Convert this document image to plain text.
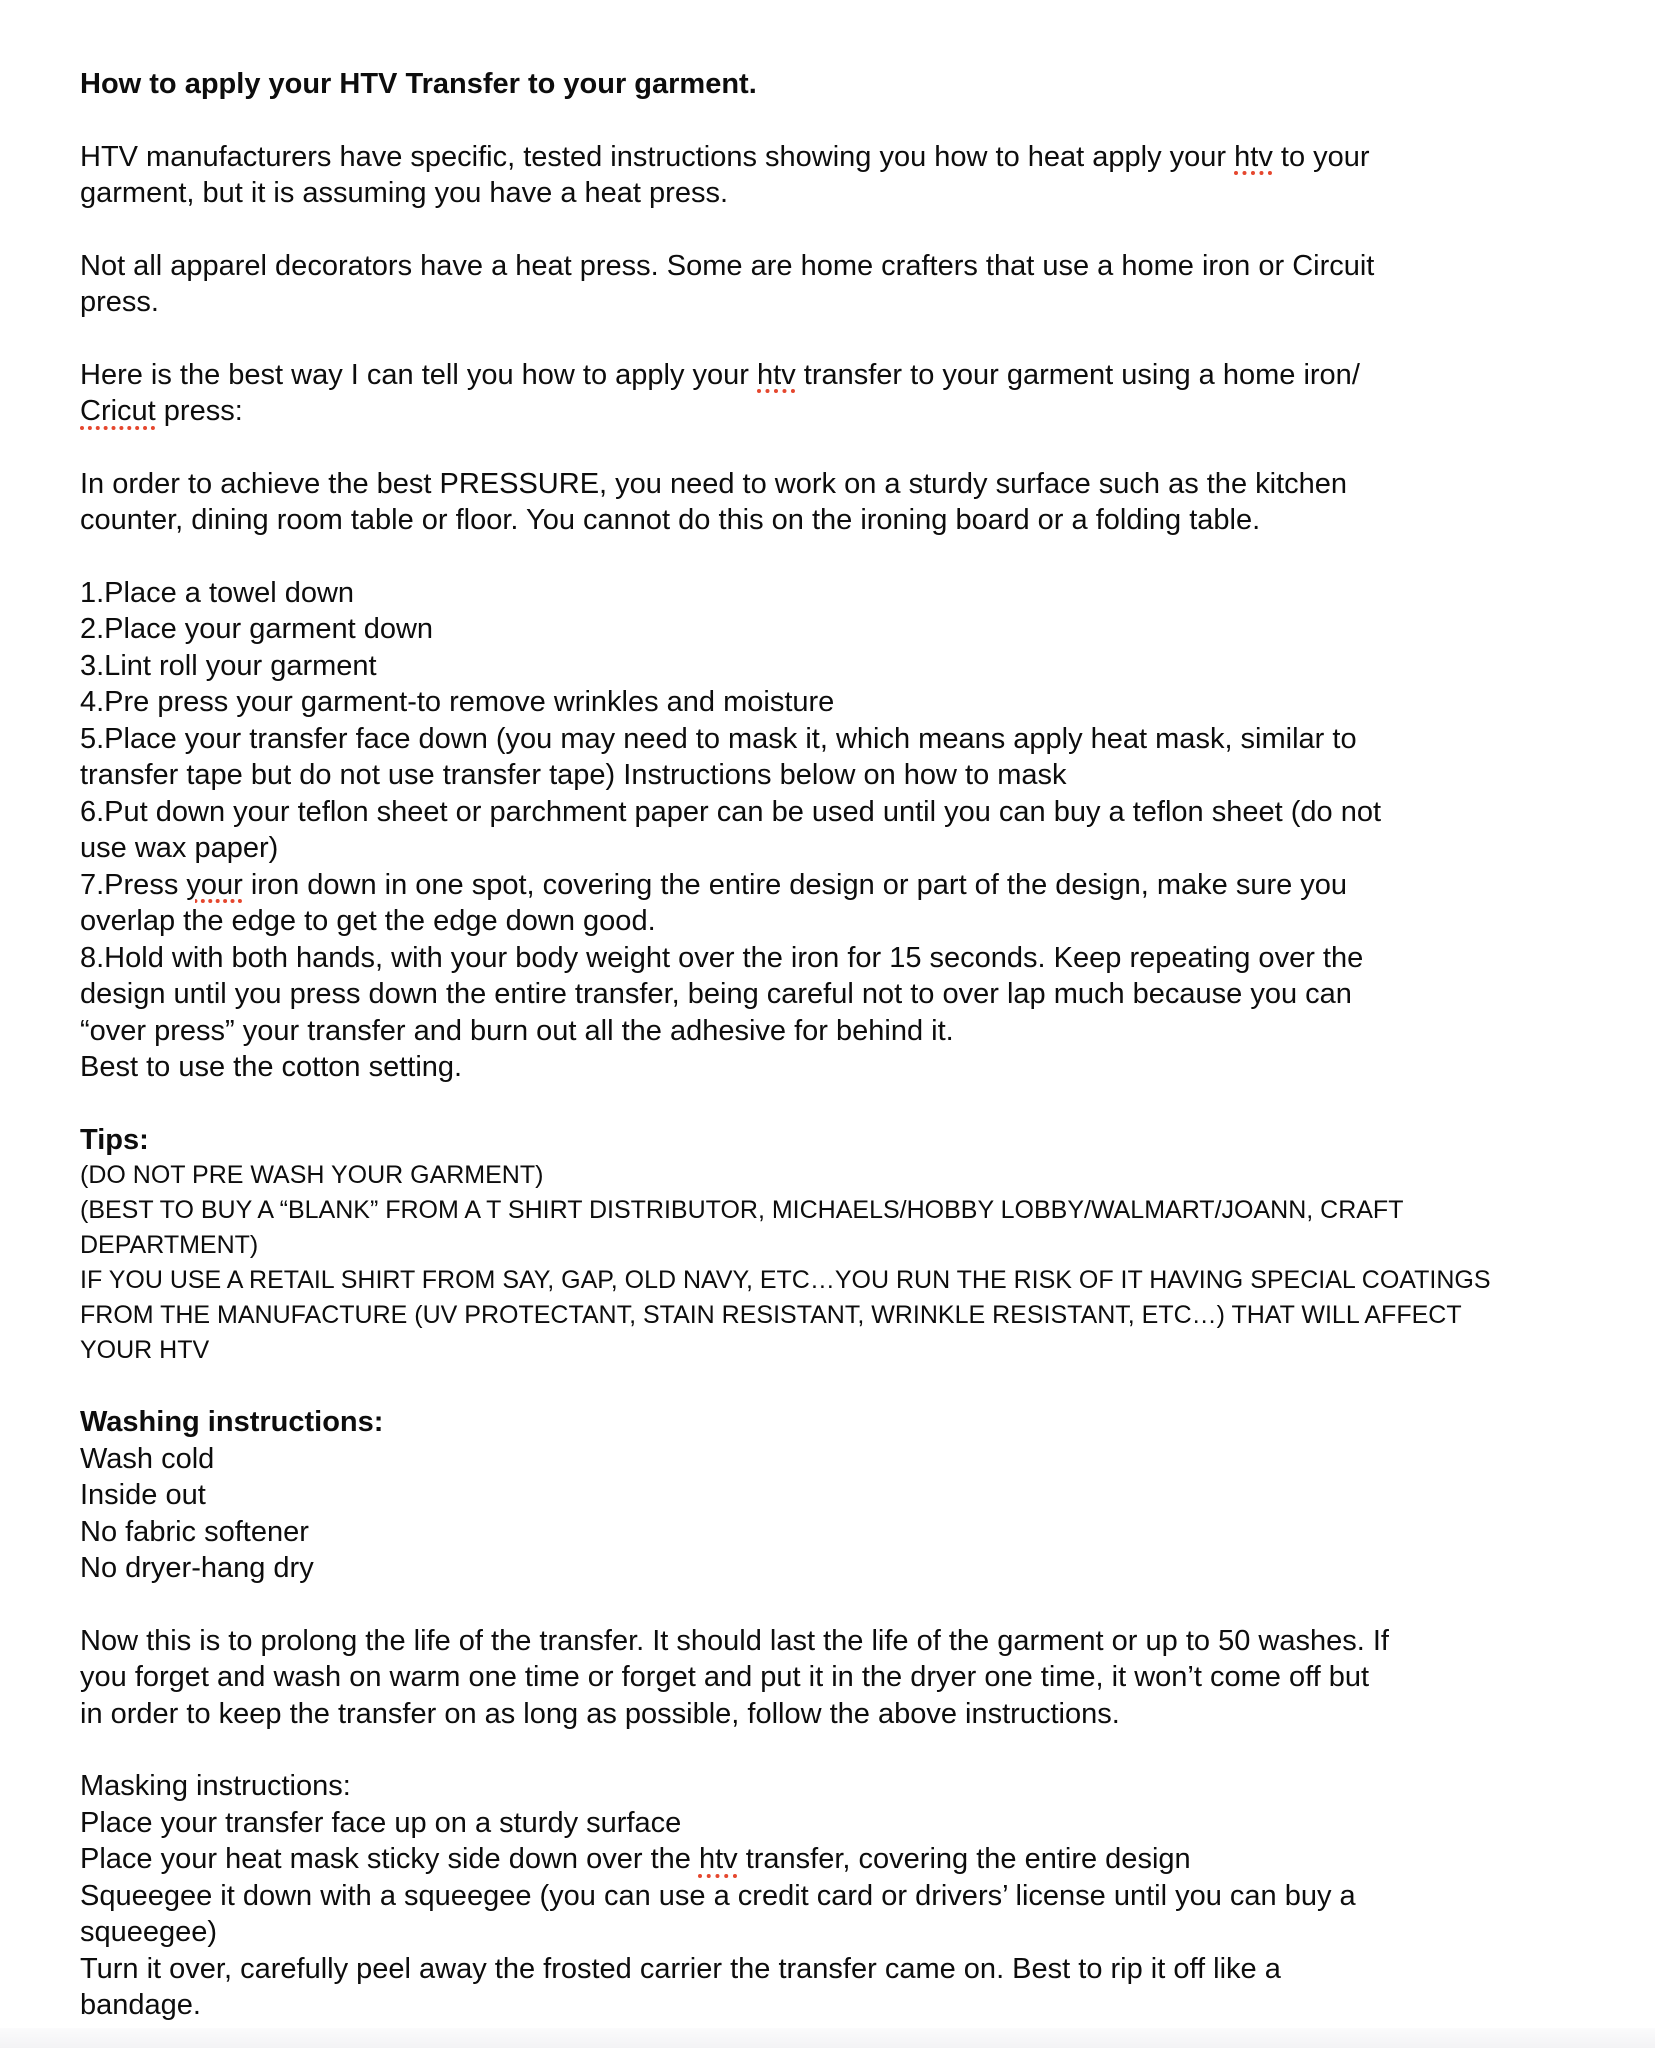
How to apply your HTV Transfer to your garment.

HTV manufacturers have specific, tested instructions showing you how to heat apply your htv to your
garment, but it is assuming you have a heat press.

Not all apparel decorators have a heat press. Some are home crafters that use a home iron or Circuit
press.

Here is the best way I can tell you how to apply your htv transfer to your garment using a home iron/
Cricut press:

In order to achieve the best PRESSURE, you need to work on a sturdy surface such as the kitchen
counter, dining room table or floor. You cannot do this on the ironing board or a folding table.

1.Place a towel down
2.Place your garment down
3.Lint roll your garment
4.Pre press your garment-to remove wrinkles and moisture
5.Place your transfer face down (you may need to mask it, which means apply heat mask, similar to
transfer tape but do not use transfer tape) Instructions below on how to mask
6.Put down your teflon sheet or parchment paper can be used until you can buy a teflon sheet (do not
use wax paper)
7.Press your iron down in one spot, covering the entire design or part of the design, make sure you
overlap the edge to get the edge down good.
8.Hold with both hands, with your body weight over the iron for 15 seconds. Keep repeating over the
design until you press down the entire transfer, being careful not to over lap much because you can
“over press” your transfer and burn out all the adhesive for behind it.
Best to use the cotton setting.

Tips:

(DO NOT PRE WASH YOUR GARMENT)
(BEST TO BUY A “BLANK” FROM A T SHIRT DISTRIBUTOR, MICHAELS/HOBBY LOBBY/WALMART/JOANN, CRAFT
DEPARTMENT)
IF YOU USE A RETAIL SHIRT FROM SAY, GAP, OLD NAVY, ETC…YOU RUN THE RISK OF IT HAVING SPECIAL COATINGS
FROM THE MANUFACTURE (UV PROTECTANT, STAIN RESISTANT, WRINKLE RESISTANT, ETC…) THAT WILL AFFECT
YOUR HTV

Washing instructions:

Wash cold
Inside out
No fabric softener
No dryer-hang dry

Now this is to prolong the life of the transfer. It should last the life of the garment or up to 50 washes. If
you forget and wash on warm one time or forget and put it in the dryer one time, it won’t come off but
in order to keep the transfer on as long as possible, follow the above instructions.

Masking instructions:
Place your transfer face up on a sturdy surface
Place your heat mask sticky side down over the htv transfer, covering the entire design
Squeegee it down with a squeegee (you can use a credit card or drivers’ license until you can buy a
squeegee)
Turn it over, carefully peel away the frosted carrier the transfer came on. Best to rip it off like a
bandage.
